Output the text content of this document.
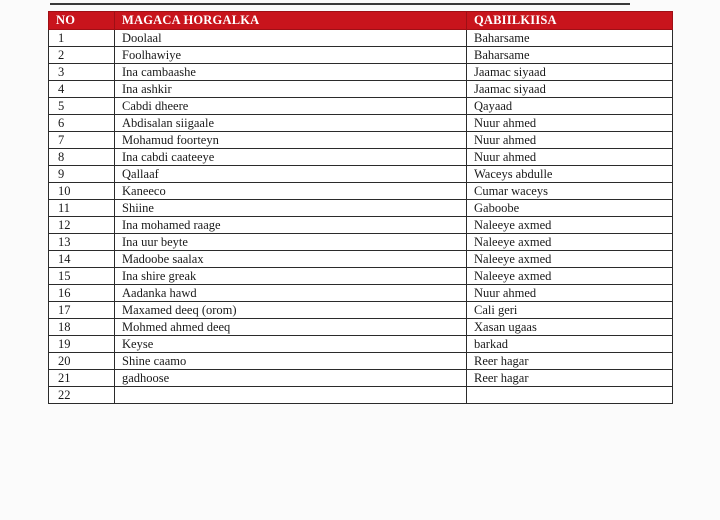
NO	MAGACA HORGALKA	QABIILKIISA
1	Doolaal	Baharsame
2	Foolhawiye	Baharsame
3	Ina cambaashe	Jaamac siyaad
4	Ina ashkir	Jaamac siyaad
5	Cabdi dheere	Qayaad
6	Abdisalan siigaale	Nuur ahmed
7	Mohamud foorteyn	Nuur ahmed
8	Ina cabdi caateeye	Nuur ahmed
9	Qallaaf	Waceys abdulle
10	Kaneeco	Cumar waceys
11	Shiine	Gaboobe
12	Ina mohamed raage	Naleeye axmed
13	Ina uur beyte	Naleeye axmed
14	Madoobe saalax	Naleeye axmed
15	Ina shire greak	Naleeye axmed
16	Aadanka hawd	Nuur ahmed
17	Maxamed deeq (orom)	Cali geri
18	Mohmed ahmed deeq	Xasan ugaas
19	Keyse	barkad
20	Shine caamo	Reer hagar
21	gadhoose	Reer hagar
22		
